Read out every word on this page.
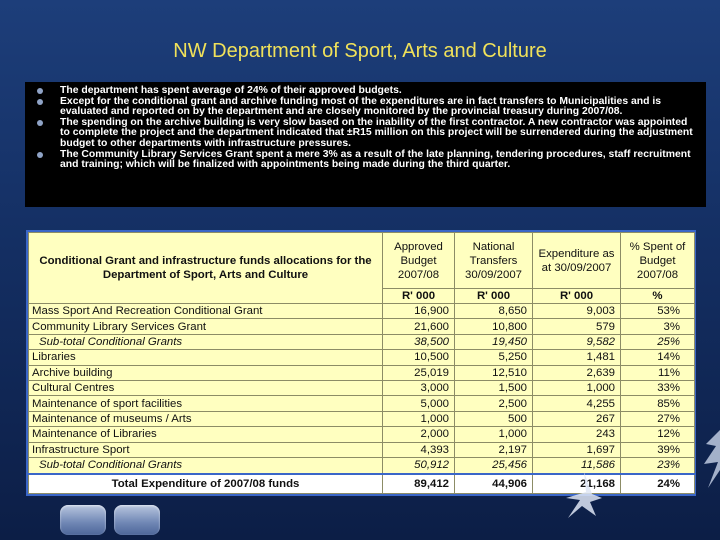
NW Department of Sport, Arts and Culture
The department has spent average of 24% of their approved budgets.
Except for the conditional grant and archive funding most of the expenditures are in fact transfers to Municipalities and is evaluated and reported on by the department and are closely monitored by the provincial treasury during 2007/08.
The spending on the archive building is very slow based on the inability of the first contractor. A new contractor was appointed to complete the project and the department indicated that ±R15 million on this project will be surrendered during the adjustment budget to other departments with infrastructure pressures.
The Community Library Services Grant spent a mere 3% as a result of the late planning, tendering procedures, staff recruitment and training; which will be finalized with appointments being made during the third quarter.
Conditional Grant and infrastructure funds allocations for the Department of Sport, Arts and Culture	Approved Budget 2007/08	National Transfers 30/09/2007	Expenditure as at 30/09/2007	% Spent of Budget 2007/08
	R' 000	R' 000	R' 000	%
Mass Sport And Recreation Conditional Grant	16,900	8,650	9,003	53%
Community Library Services Grant	21,600	10,800	579	3%
Sub-total Conditional Grants	38,500	19,450	9,582	25%
Libraries	10,500	5,250	1,481	14%
Archive building	25,019	12,510	2,639	11%
Cultural Centres	3,000	1,500	1,000	33%
Maintenance of sport facilities	5,000	2,500	4,255	85%
Maintenance of museums / Arts	1,000	500	267	27%
Maintenance of Libraries	2,000	1,000	243	12%
Infrastructure Sport	4,393	2,197	1,697	39%
Sub-total Conditional Grants	50,912	25,456	11,586	23%
Total Expenditure of 2007/08 funds	89,412	44,906	21,168	24%
